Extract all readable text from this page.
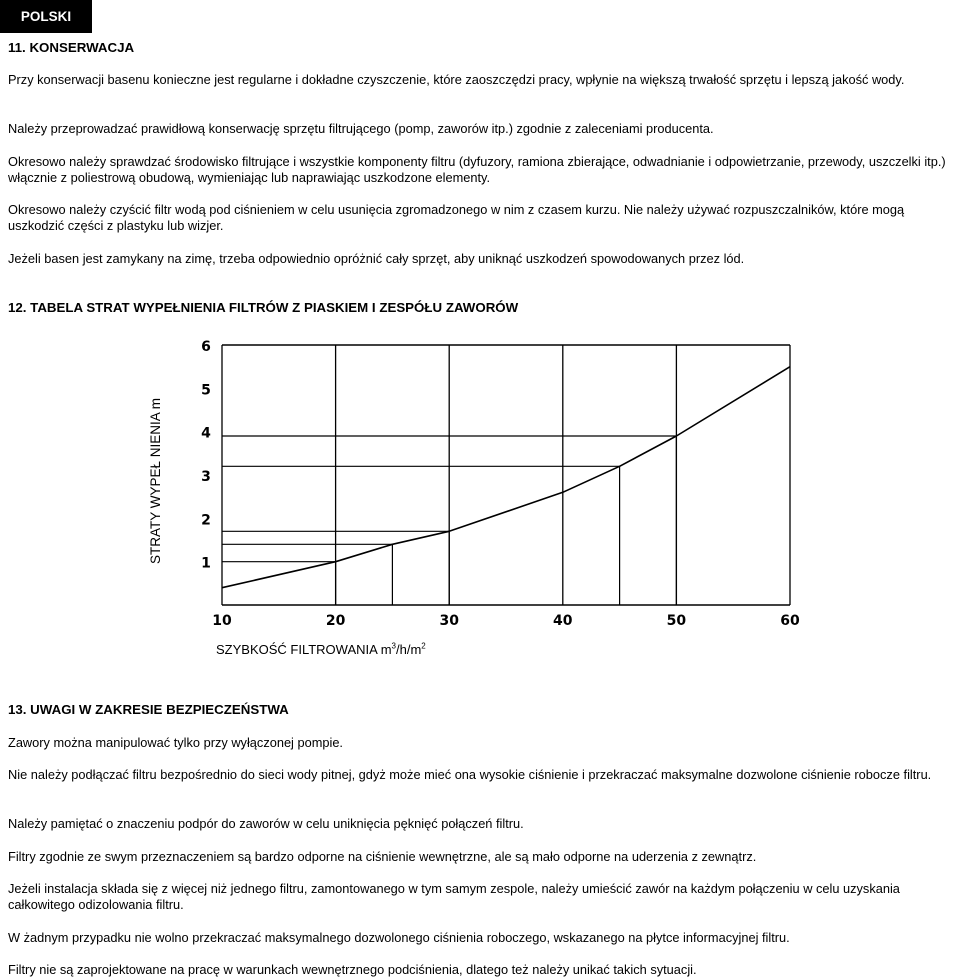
POLSKI
11. KONSERWACJA
Przy konserwacji basenu konieczne jest regularne i dokładne czyszczenie, które zaoszczędzi pracy, wpłynie na większą trwałość sprzętu i lepszą jakość wody.
Należy przeprowadzać prawidłową konserwację sprzętu filtrującego (pomp, zaworów itp.) zgodnie z zaleceniami producenta.
Okresowo należy sprawdzać środowisko filtrujące i wszystkie komponenty filtru (dyfuzory, ramiona zbierające, odwadnianie i odpowietrzanie, przewody, uszczelki itp.) włącznie z poliestrową obudową, wymieniając lub naprawiając uszkodzone elementy.
Okresowo należy czyścić filtr wodą pod ciśnieniem w celu usunięcia zgromadzonego w nim z czasem kurzu. Nie należy używać rozpuszczalników, które mogą uszkodzić części z plastyku lub wizjer.
Jeżeli basen jest zamykany na zimę, trzeba odpowiednio opróżnić cały sprzęt, aby uniknąć uszkodzeń spowodowanych przez lód.
12. TABELA STRAT WYPEŁNIENIA FILTRÓW Z PIASKIEM I ZESPÓŁU ZAWORÓW
1
2
3
4
5
6
10	20	30	40	50	60
STRATY WYPEŁ NIENIA m
SZYBKOŚĆ FILTROWANIA $m^3/h/m^2$
13. UWAGI W ZAKRESIE BEZPIECZEŃSTWA
Zawory można manipulować tylko przy wyłączonej pompie.
Nie należy podłączać filtru bezpośrednio do sieci wody pitnej, gdyż może mieć ona wysokie ciśnienie i przekraczać maksymalne dozwolone ciśnienie robocze filtru.
Należy pamiętać o znaczeniu podpór do zaworów w celu uniknięcia pęknięć połączeń filtru.
Filtry zgodnie ze swym przeznaczeniem są bardzo odporne na ciśnienie wewnętrzne, ale są mało odporne na uderzenia z zewnątrz.
Jeżeli instalacja składa się z więcej niż jednego filtru, zamontowanego w tym samym zespole, należy umieścić zawór na każdym połączeniu w celu uzyskania całkowitego odizolowania filtru.
W żadnym przypadku nie wolno przekraczać maksymalnego dozwolonego ciśnienia roboczego, wskazanego na płytce informacyjnej filtru.
Filtry nie są zaprojektowane na pracę w warunkach wewnętrznego podciśnienia, dlatego też należy unikać takich sytuacji.
